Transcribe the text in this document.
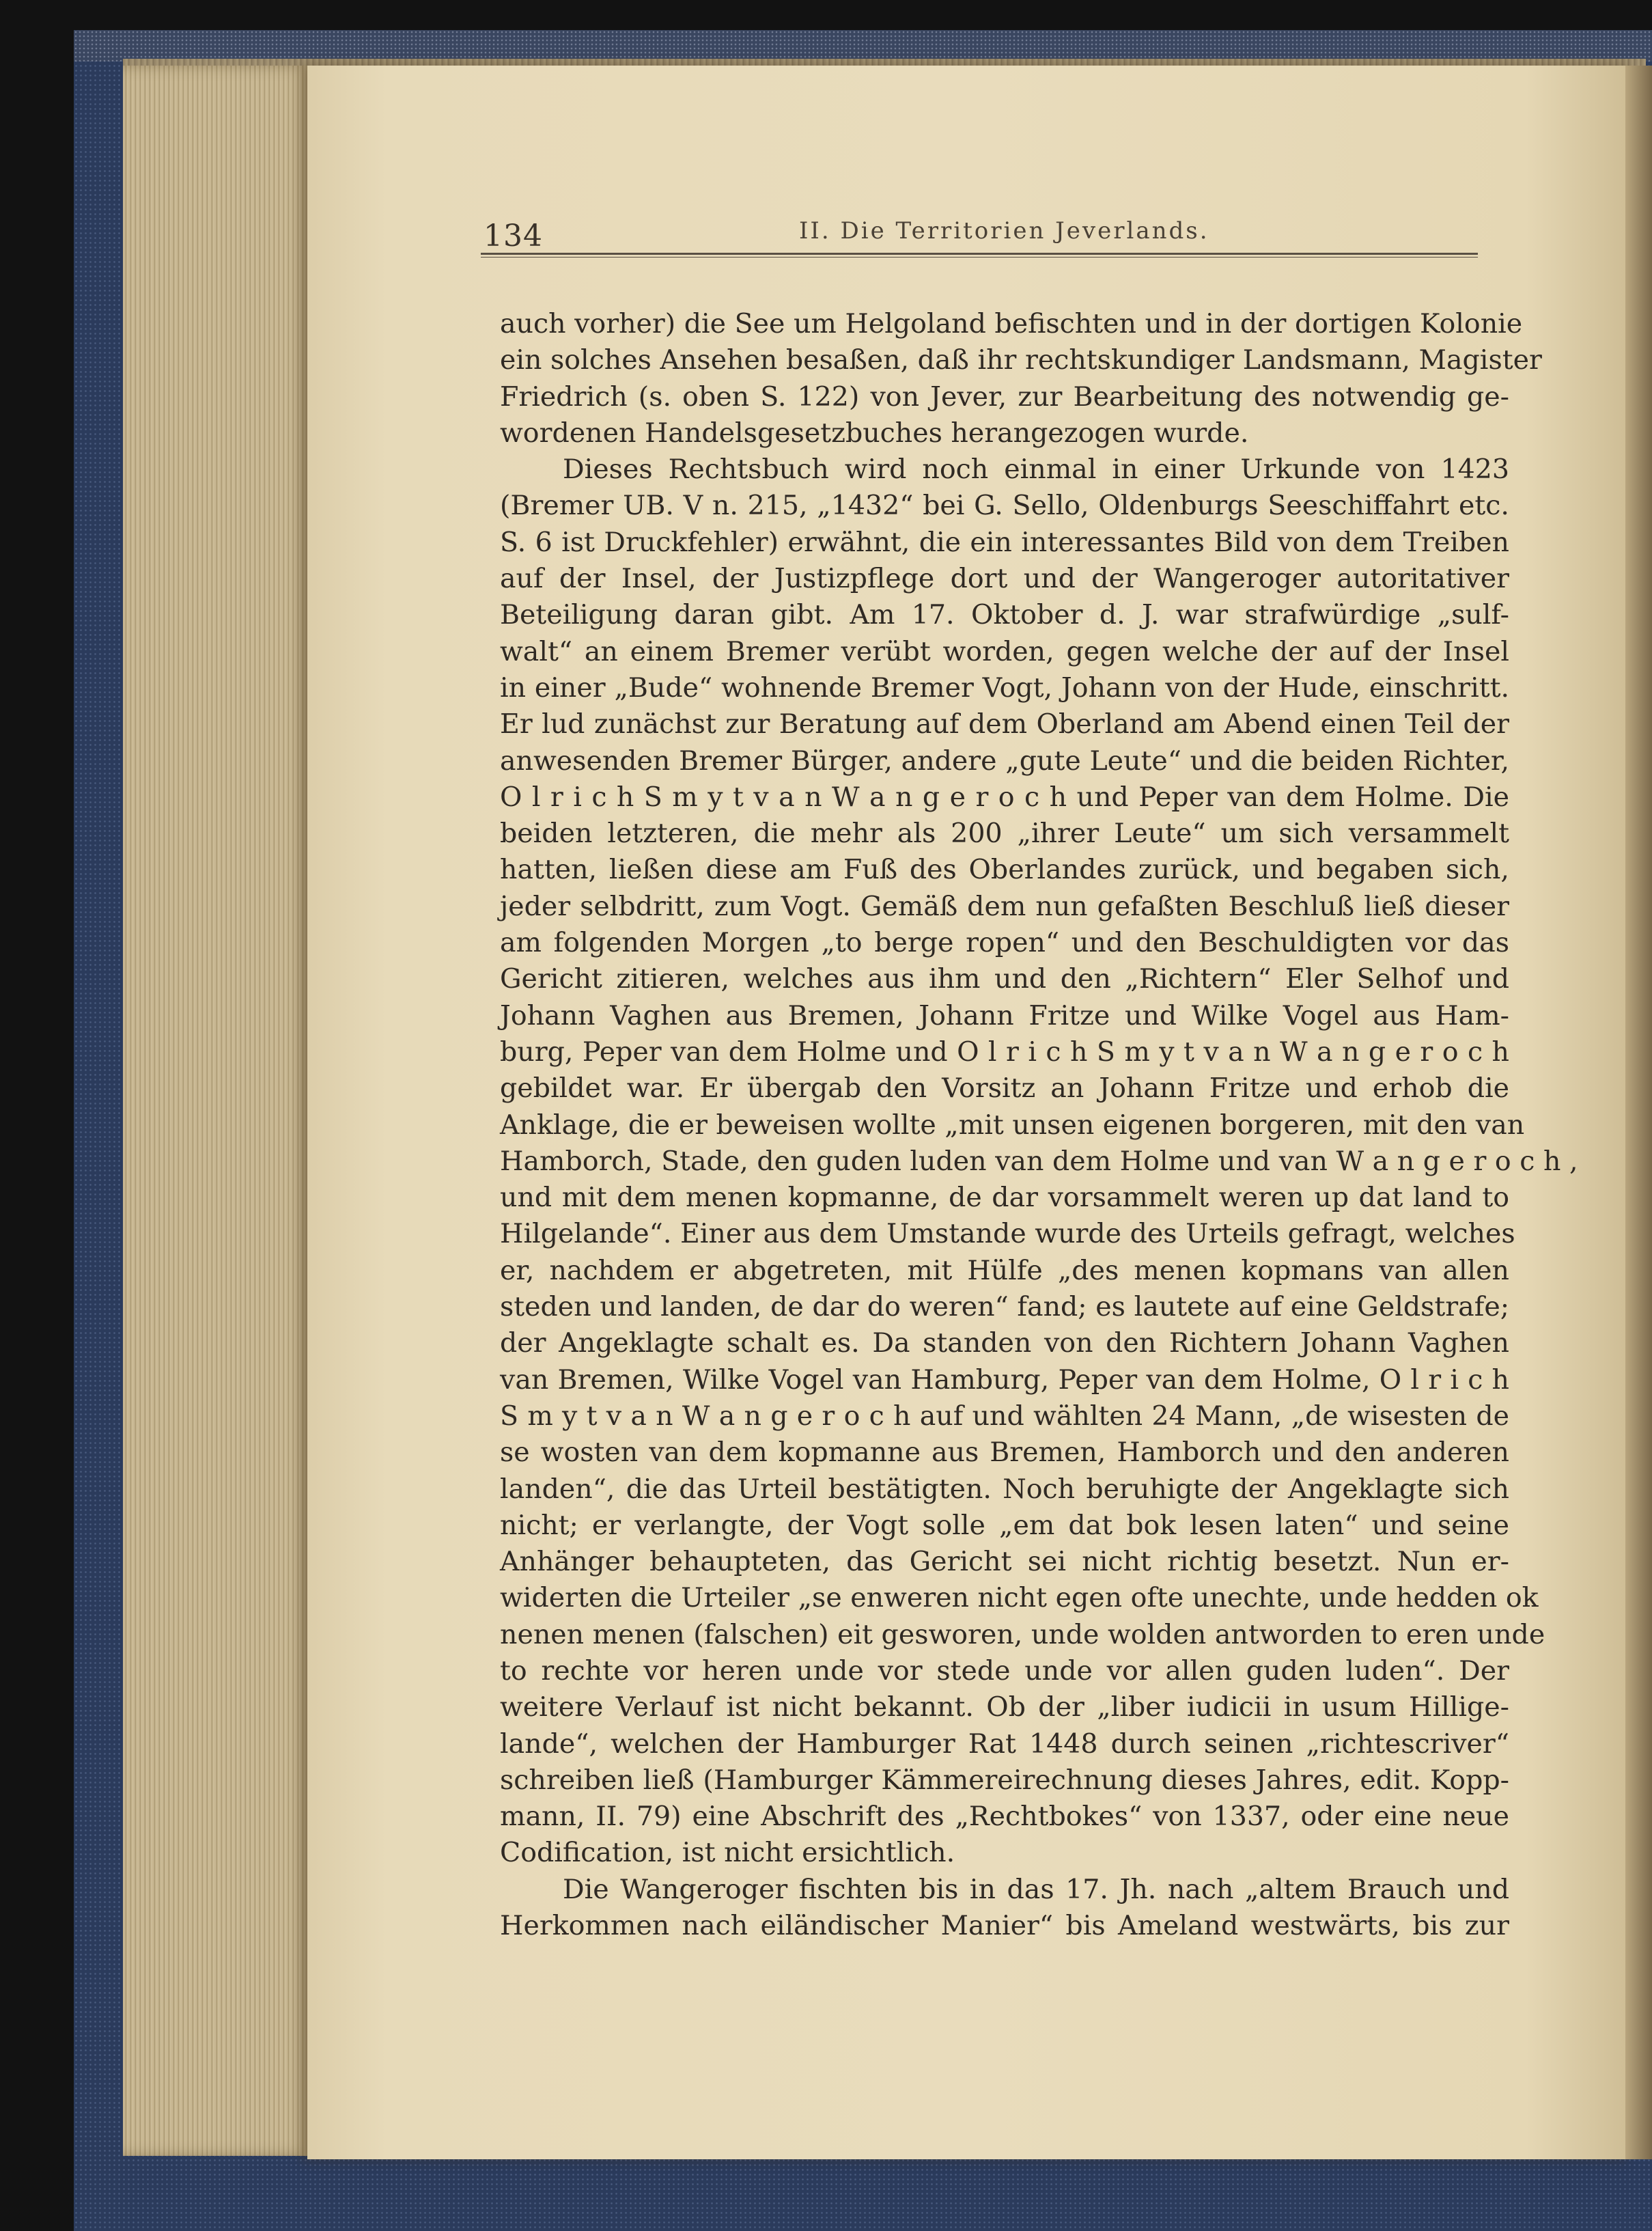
134	II. Die Territorien Jeverlands.
auch vorher) die See um Helgoland befischten und in der dortigen Kolonie
ein solches Ansehen besaßen, daß ihr rechtskundiger Landsmann, Magister
Friedrich (s. oben S. 122) von Jever, zur Bearbeitung des notwendig ge-
wordenen Handelsgesetzbuches herangezogen wurde.
Dieses Rechtsbuch wird noch einmal in einer Urkunde von 1423
(Bremer UB. V n. 215, „1432“ bei G. Sello, Oldenburgs Seeschiffahrt etc.
S. 6 ist Druckfehler) erwähnt, die ein interessantes Bild von dem Treiben
auf der Insel, der Justizpflege dort und der Wangeroger autoritativer
Beteiligung daran gibt. Am 17. Oktober d. J. war strafwürdige „sulf-
walt“ an einem Bremer verübt worden, gegen welche der auf der Insel
in einer „Bude“ wohnende Bremer Vogt, Johann von der Hude, einschritt.
Er lud zunächst zur Beratung auf dem Oberland am Abend einen Teil der
anwesenden Bremer Bürger, andere „gute Leute“ und die beiden Richter,
O l r i c h S m y t v a n W a n g e r o c h und Peper van dem Holme. Die
beiden letzteren, die mehr als 200 „ihrer Leute“ um sich versammelt
hatten, ließen diese am Fuß des Oberlandes zurück, und begaben sich,
jeder selbdritt, zum Vogt. Gemäß dem nun gefaßten Beschluß ließ dieser
am folgenden Morgen „to berge ropen“ und den Beschuldigten vor das
Gericht zitieren, welches aus ihm und den „Richtern“ Eler Selhof und
Johann Vaghen aus Bremen, Johann Fritze und Wilke Vogel aus Ham-
burg, Peper van dem Holme und O l r i c h S m y t v a n W a n g e r o c h
gebildet war. Er übergab den Vorsitz an Johann Fritze und erhob die
Anklage, die er beweisen wollte „mit unsen eigenen borgeren, mit den van
Hamborch, Stade, den guden luden van dem Holme und van W a n g e r o c h ,
und mit dem menen kopmanne, de dar vorsammelt weren up dat land to
Hilgelande“. Einer aus dem Umstande wurde des Urteils gefragt, welches
er, nachdem er abgetreten, mit Hülfe „des menen kopmans van allen
steden und landen, de dar do weren“ fand; es lautete auf eine Geldstrafe;
der Angeklagte schalt es. Da standen von den Richtern Johann Vaghen
van Bremen, Wilke Vogel van Hamburg, Peper van dem Holme, O l r i c h
S m y t v a n W a n g e r o c h auf und wählten 24 Mann, „de wisesten de
se wosten van dem kopmanne aus Bremen, Hamborch und den anderen
landen“, die das Urteil bestätigten. Noch beruhigte der Angeklagte sich
nicht; er verlangte, der Vogt solle „em dat bok lesen laten“ und seine
Anhänger behaupteten, das Gericht sei nicht richtig besetzt. Nun er-
widerten die Urteiler „se enweren nicht egen ofte unechte, unde hedden ok
nenen menen (falschen) eit gesworen, unde wolden antworden to eren unde
to rechte vor heren unde vor stede unde vor allen guden luden“. Der
weitere Verlauf ist nicht bekannt. Ob der „liber iudicii in usum Hillige-
lande“, welchen der Hamburger Rat 1448 durch seinen „richtescriver“
schreiben ließ (Hamburger Kämmereirechnung dieses Jahres, edit. Kopp-
mann, II. 79) eine Abschrift des „Rechtbokes“ von 1337, oder eine neue
Codification, ist nicht ersichtlich.
Die Wangeroger fischten bis in das 17. Jh. nach „altem Brauch und
Herkommen nach eiländischer Manier“ bis Ameland westwärts, bis zur
